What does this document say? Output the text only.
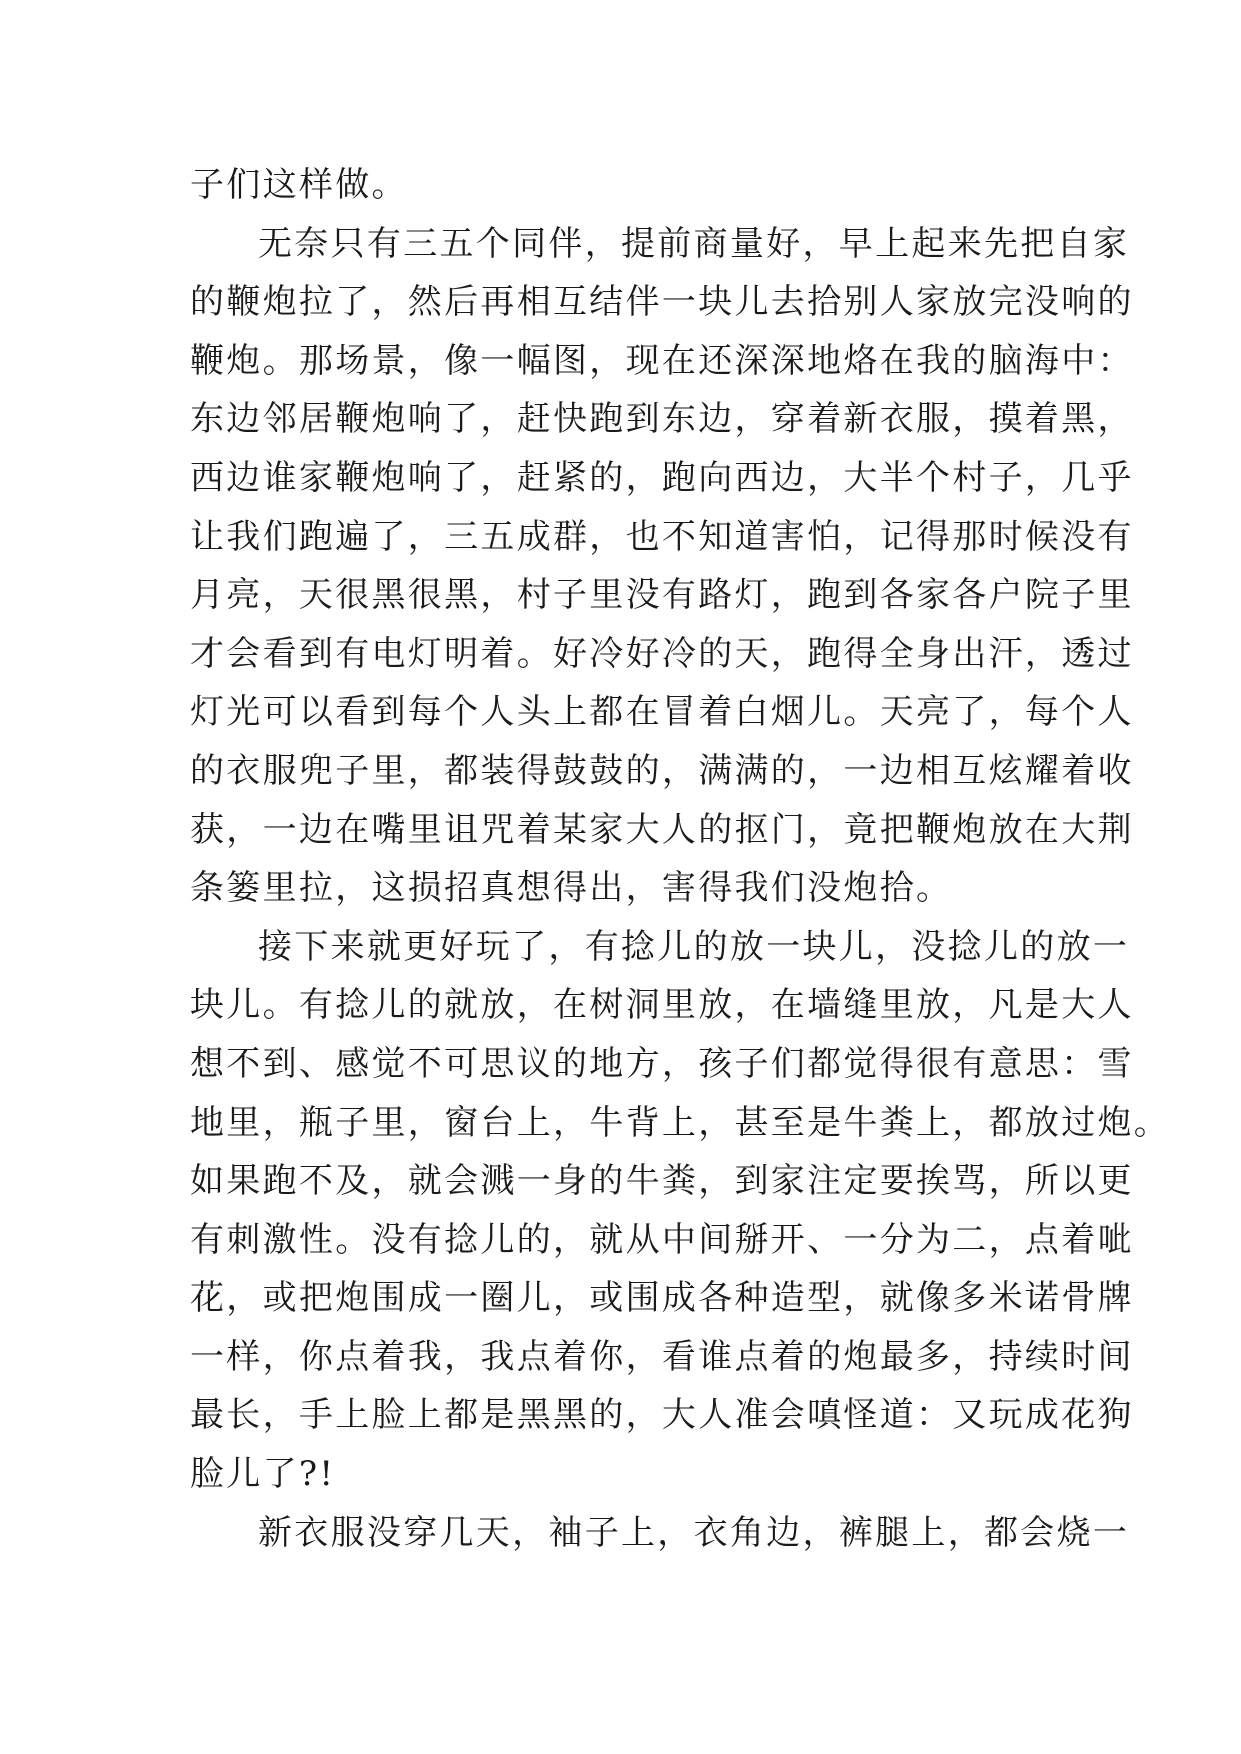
子们这样做。
无奈只有三五个同伴，提前商量好，早上起来先把自家
的鞭炮拉了，然后再相互结伴一块儿去拾别人家放完没响的
鞭炮。那场景，像一幅图，现在还深深地烙在我的脑海中：
东边邻居鞭炮响了，赶快跑到东边，穿着新衣服，摸着黑，
西边谁家鞭炮响了，赶紧的，跑向西边，大半个村子，几乎
让我们跑遍了，三五成群，也不知道害怕，记得那时候没有
月亮，天很黑很黑，村子里没有路灯，跑到各家各户院子里
才会看到有电灯明着。好冷好冷的天，跑得全身出汗，透过
灯光可以看到每个人头上都在冒着白烟儿。天亮了，每个人
的衣服兜子里，都装得鼓鼓的，满满的，一边相互炫耀着收
获，一边在嘴里诅咒着某家大人的抠门，竟把鞭炮放在大荆
条篓里拉，这损招真想得出，害得我们没炮拾。
接下来就更好玩了，有捻儿的放一块儿，没捻儿的放一
块儿。有捻儿的就放，在树洞里放，在墙缝里放，凡是大人
想不到、感觉不可思议的地方，孩子们都觉得很有意思：雪
地里，瓶子里，窗台上，牛背上，甚至是牛粪上，都放过炮。
如果跑不及，就会溅一身的牛粪，到家注定要挨骂，所以更
有刺激性。没有捻儿的，就从中间掰开、一分为二，点着呲
花，或把炮围成一圈儿，或围成各种造型，就像多米诺骨牌
一样，你点着我，我点着你，看谁点着的炮最多，持续时间
最长，手上脸上都是黑黑的，大人准会嗔怪道：又玩成花狗
脸儿了?!
新衣服没穿几天，袖子上，衣角边，裤腿上，都会烧一
